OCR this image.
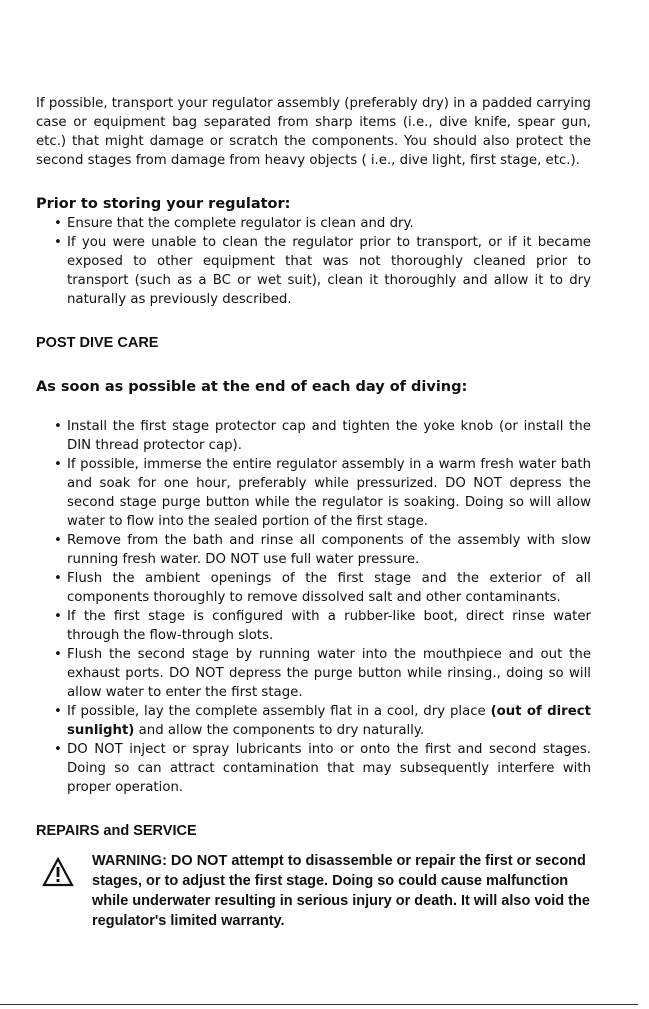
If possible, transport your regulator assembly (preferably dry) in a padded carrying case or equipment bag separated from sharp items (i.e., dive knife, spear gun, etc.) that might damage or scratch the components. You should also protect the second stages from damage from heavy objects ( i.e., dive light, first stage, etc.).

Prior to storing your regulator:

• Ensure that the complete regulator is clean and dry.
• If you were unable to clean the regulator prior to transport, or if it became exposed to other equipment that was not thoroughly cleaned prior to transport (such as a BC or wet suit), clean it thoroughly and allow it to dry naturally as previously described.

POST DIVE CARE

As soon as possible at the end of each day of diving:

• Install the first stage protector cap and tighten the yoke knob (or install the DIN thread protector cap).
• If possible, immerse the entire regulator assembly in a warm fresh water bath and soak for one hour, preferably while pressurized. DO NOT depress the second stage purge button while the regulator is soaking. Doing so will allow water to flow into the sealed portion of the first stage.
• Remove from the bath and rinse all components of the assembly with slow running fresh water. DO NOT use full water pressure.
• Flush the ambient openings of the first stage and the exterior of all components thoroughly to remove dissolved salt and other contaminants.
• If the first stage is configured with a rubber-like boot, direct rinse water through the flow-through slots.
• Flush the second stage by running water into the mouthpiece and out the exhaust ports. DO NOT depress the purge button while rinsing., doing so will allow water to enter the first stage.
• If possible, lay the complete assembly flat in a cool, dry place (out of direct sunlight) and allow the components to dry naturally.
• DO NOT inject or spray lubricants into or onto the first and second stages. Doing so can attract contamination that may subsequently interfere with proper operation.

REPAIRS and SERVICE

WARNING: DO NOT attempt to disassemble or repair the first or second stages, or to adjust the first stage. Doing so could cause malfunction while underwater resulting in serious injury or death. It will also void the regulator's limited warranty.
